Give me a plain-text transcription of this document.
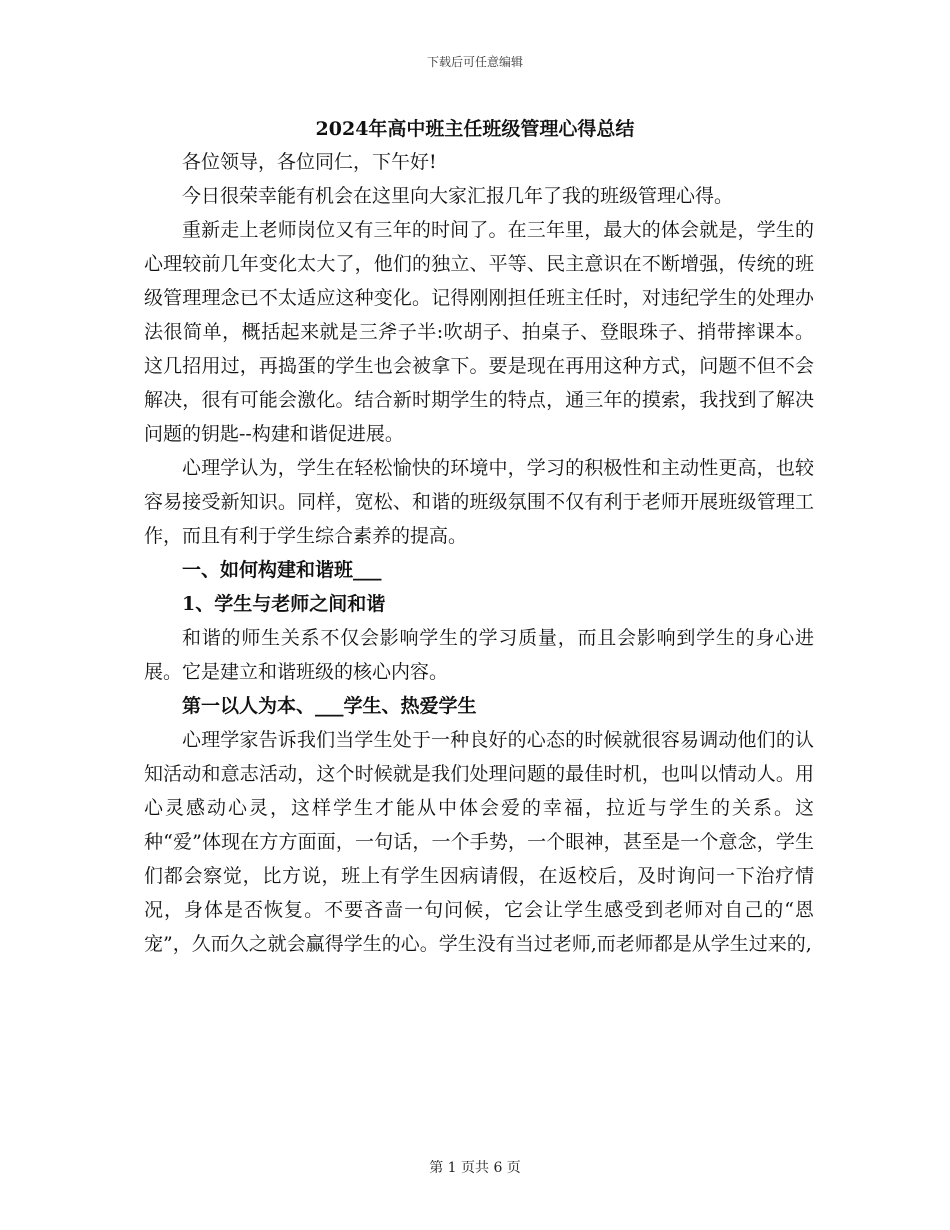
下载后可任意编辑
2024年高中班主任班级管理心得总结

各位领导，各位同仁，下午好!

今日很荣幸能有机会在这里向大家汇报几年了我的班级管理心得。

重新走上老师岗位又有三年的时间了。在三年里，最大的体会就是，学生的心理较前几年变化太大了，他们的独立、平等、民主意识在不断增强，传统的班级管理理念已不太适应这种变化。记得刚刚担任班主任时，对违纪学生的处理办法很简单，概括起来就是三斧子半:吹胡子、拍桌子、登眼珠子、捎带摔课本。这几招用过，再捣蛋的学生也会被拿下。要是现在再用这种方式，问题不但不会解决，很有可能会激化。结合新时期学生的特点，通三年的摸索，我找到了解决问题的钥匙--构建和谐促进展。

心理学认为，学生在轻松愉快的环境中，学习的积极性和主动性更高，也较容易接受新知识。同样，宽松、和谐的班级氛围不仅有利于老师开展班级管理工作，而且有利于学生综合素养的提高。

一、如何构建和谐班___

1、学生与老师之间和谐

和谐的师生关系不仅会影响学生的学习质量，而且会影响到学生的身心进展。它是建立和谐班级的核心内容。

第一以人为本、___学生、热爱学生

心理学家告诉我们当学生处于一种良好的心态的时候就很容易调动他们的认知活动和意志活动，这个时候就是我们处理问题的最佳时机，也叫以情动人。用心灵感动心灵，这样学生才能从中体会爱的幸福，拉近与学生的关系。这种“爱”体现在方方面面，一句话，一个手势，一个眼神，甚至是一个意念，学生们都会察觉，比方说，班上有学生因病请假，在返校后，及时询问一下治疗情况，身体是否恢复。不要吝啬一句问候，它会让学生感受到老师对自己的“恩宠”，久而久之就会赢得学生的心。学生没有当过老师,而老师都是从学生过来的,

第 1 页共 6 页
